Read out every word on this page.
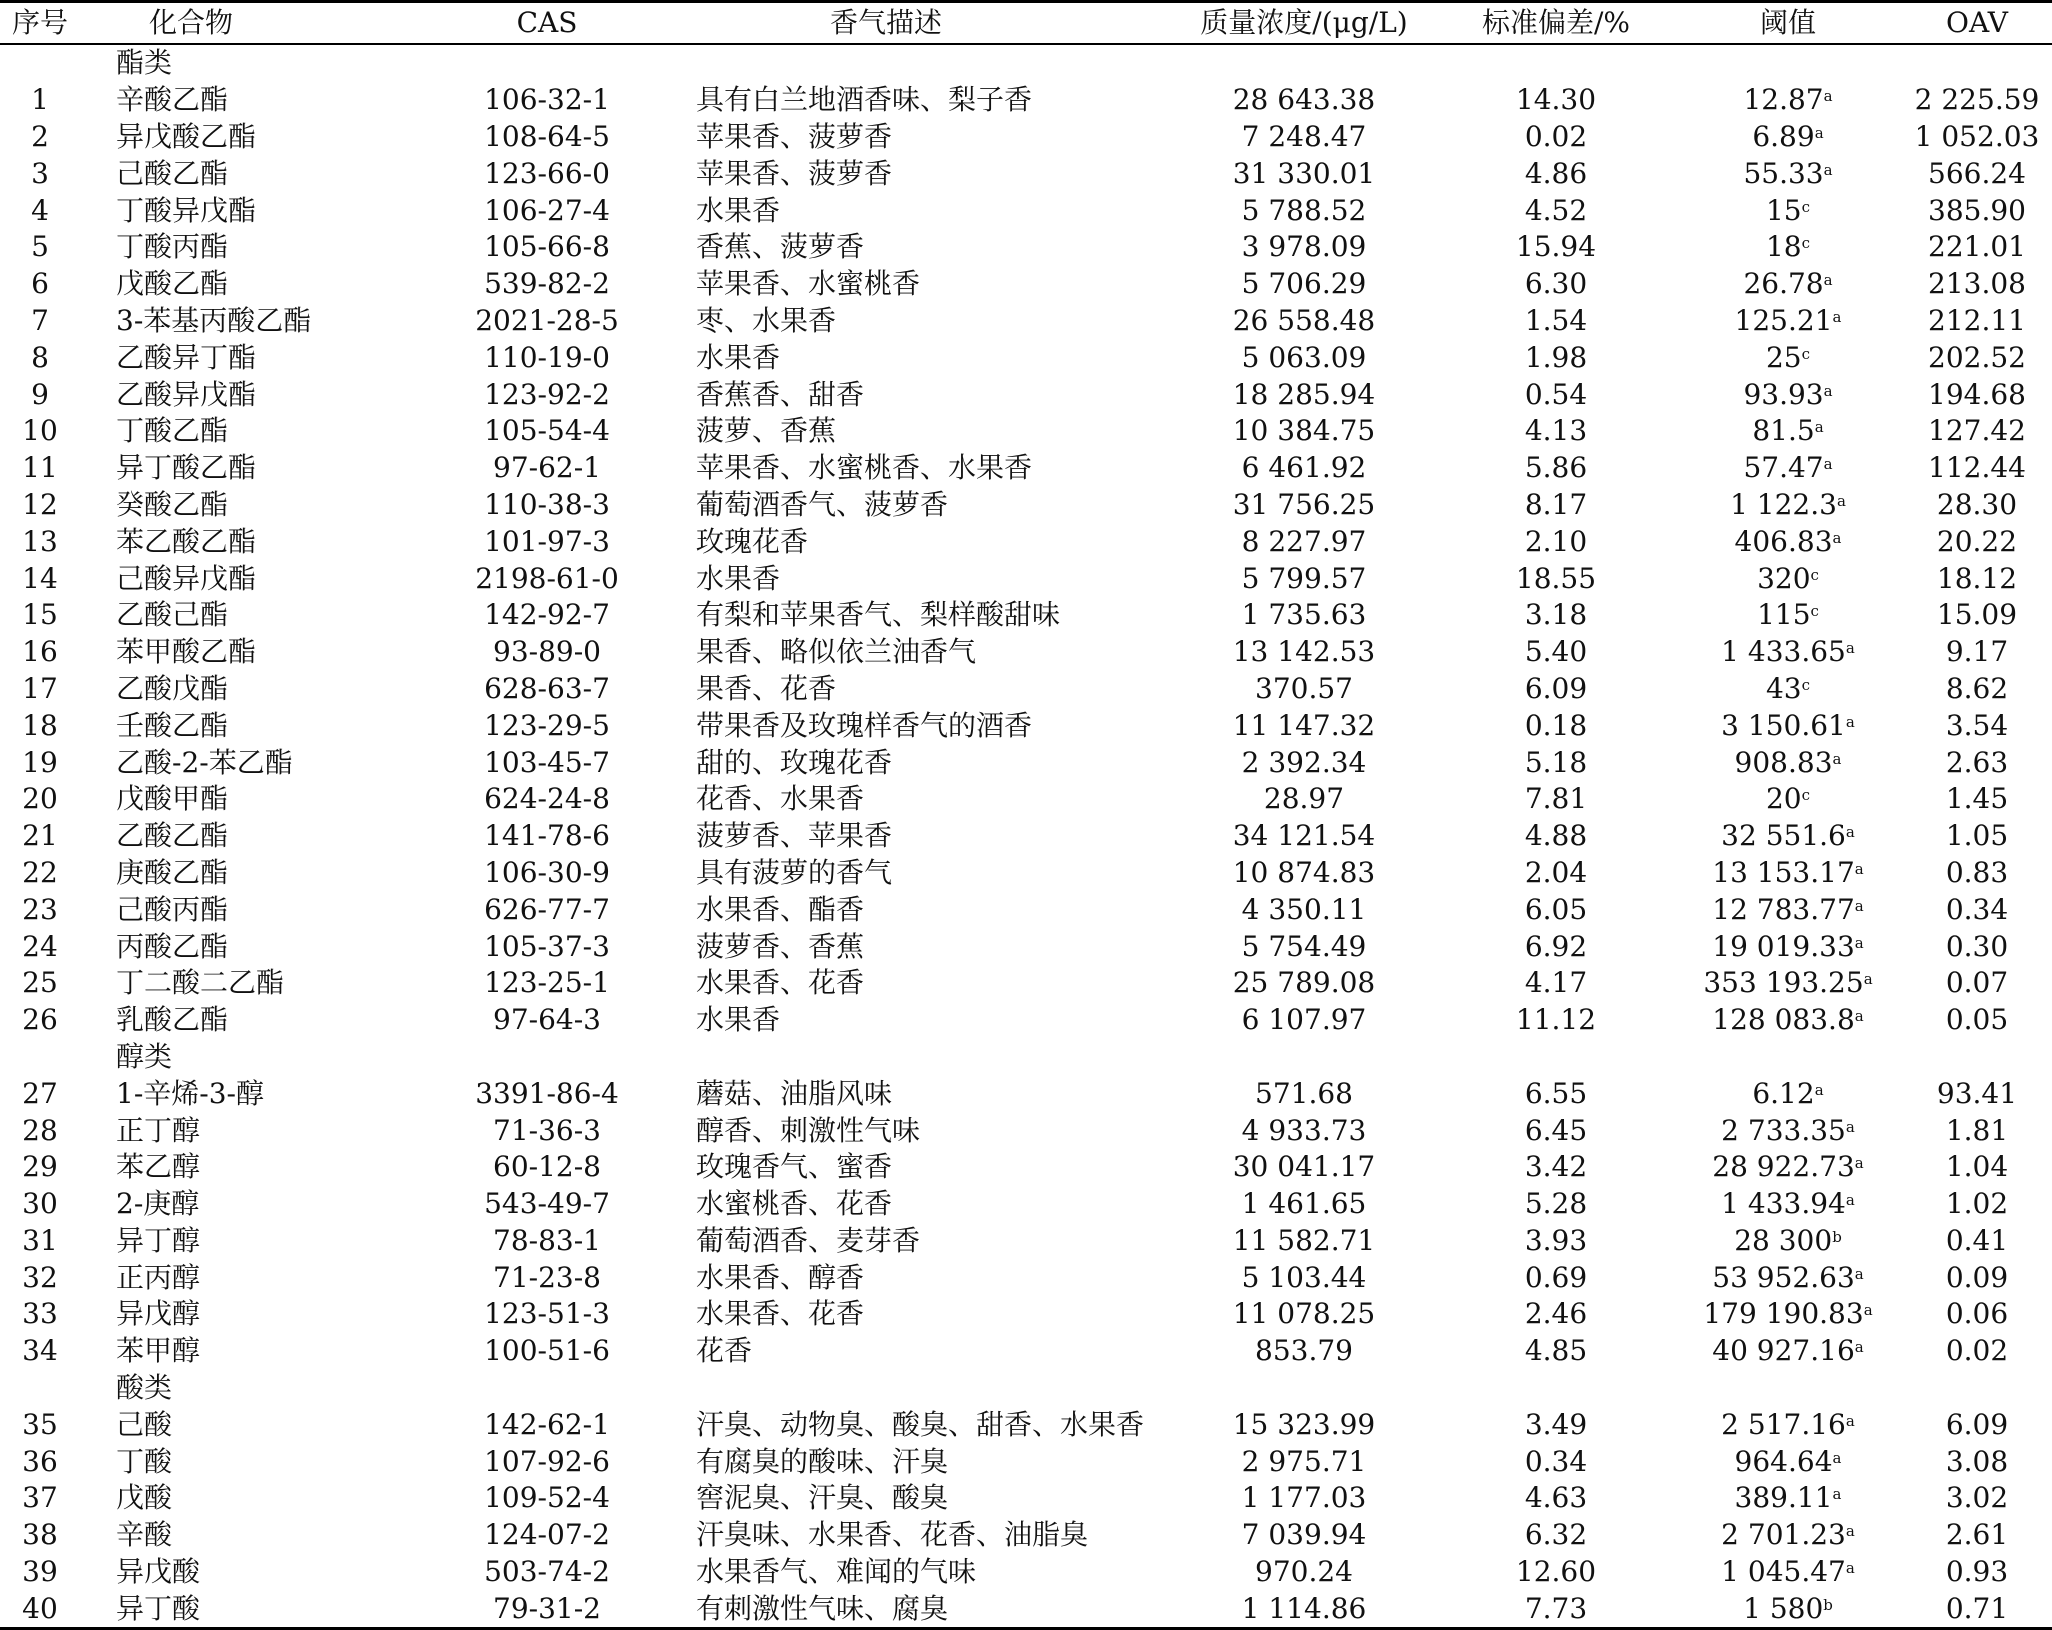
序号	化合物	CAS	香气描述	质量浓度/(μg/L)	标准偏差/%	阈值	OAV
	酯类						
1	辛酸乙酯	106-32-1	具有白兰地酒香味、梨子香	28 643.38	14.30	12.87$^a$	2 225.59
2	异戊酸乙酯	108-64-5	苹果香、菠萝香	7 248.47	0.02	6.89$^a$	1 052.03
3	己酸乙酯	123-66-0	苹果香、菠萝香	31 330.01	4.86	55.33$^a$	566.24
4	丁酸异戊酯	106-27-4	水果香	5 788.52	4.52	15$^c$	385.90
5	丁酸丙酯	105-66-8	香蕉、菠萝香	3 978.09	15.94	18$^c$	221.01
6	戊酸乙酯	539-82-2	苹果香、水蜜桃香	5 706.29	6.30	26.78$^a$	213.08
7	3-苯基丙酸乙酯	2021-28-5	枣、水果香	26 558.48	1.54	125.21$^a$	212.11
8	乙酸异丁酯	110-19-0	水果香	5 063.09	1.98	25$^c$	202.52
9	乙酸异戊酯	123-92-2	香蕉香、甜香	18 285.94	0.54	93.93$^a$	194.68
10	丁酸乙酯	105-54-4	菠萝、香蕉	10 384.75	4.13	81.5$^a$	127.42
11	异丁酸乙酯	97-62-1	苹果香、水蜜桃香、水果香	6 461.92	5.86	57.47$^a$	112.44
12	癸酸乙酯	110-38-3	葡萄酒香气、菠萝香	31 756.25	8.17	1 122.3$^a$	28.30
13	苯乙酸乙酯	101-97-3	玫瑰花香	8 227.97	2.10	406.83$^a$	20.22
14	己酸异戊酯	2198-61-0	水果香	5 799.57	18.55	320$^c$	18.12
15	乙酸己酯	142-92-7	有梨和苹果香气、梨样酸甜味	1 735.63	3.18	115$^c$	15.09
16	苯甲酸乙酯	93-89-0	果香、略似依兰油香气	13 142.53	5.40	1 433.65$^a$	9.17
17	乙酸戊酯	628-63-7	果香、花香	370.57	6.09	43$^c$	8.62
18	壬酸乙酯	123-29-5	带果香及玫瑰样香气的酒香	11 147.32	0.18	3 150.61$^a$	3.54
19	乙酸-2-苯乙酯	103-45-7	甜的、玫瑰花香	2 392.34	5.18	908.83$^a$	2.63
20	戊酸甲酯	624-24-8	花香、水果香	28.97	7.81	20$^c$	1.45
21	乙酸乙酯	141-78-6	菠萝香、苹果香	34 121.54	4.88	32 551.6$^a$	1.05
22	庚酸乙酯	106-30-9	具有菠萝的香气	10 874.83	2.04	13 153.17$^a$	0.83
23	己酸丙酯	626-77-7	水果香、酯香	4 350.11	6.05	12 783.77$^a$	0.34
24	丙酸乙酯	105-37-3	菠萝香、香蕉	5 754.49	6.92	19 019.33$^a$	0.30
25	丁二酸二乙酯	123-25-1	水果香、花香	25 789.08	4.17	353 193.25$^a$	0.07
26	乳酸乙酯	97-64-3	水果香	6 107.97	11.12	128 083.8$^a$	0.05
	醇类						
27	1-辛烯-3-醇	3391-86-4	蘑菇、油脂风味	571.68	6.55	6.12$^a$	93.41
28	正丁醇	71-36-3	醇香、刺激性气味	4 933.73	6.45	2 733.35$^a$	1.81
29	苯乙醇	60-12-8	玫瑰香气、蜜香	30 041.17	3.42	28 922.73$^a$	1.04
30	2-庚醇	543-49-7	水蜜桃香、花香	1 461.65	5.28	1 433.94$^a$	1.02
31	异丁醇	78-83-1	葡萄酒香、麦芽香	11 582.71	3.93	28 300$^b$	0.41
32	正丙醇	71-23-8	水果香、醇香	5 103.44	0.69	53 952.63$^a$	0.09
33	异戊醇	123-51-3	水果香、花香	11 078.25	2.46	179 190.83$^a$	0.06
34	苯甲醇	100-51-6	花香	853.79	4.85	40 927.16$^a$	0.02
	酸类						
35	己酸	142-62-1	汗臭、动物臭、酸臭、甜香、水果香	15 323.99	3.49	2 517.16$^a$	6.09
36	丁酸	107-92-6	有腐臭的酸味、汗臭	2 975.71	0.34	964.64$^a$	3.08
37	戊酸	109-52-4	窖泥臭、汗臭、酸臭	1 177.03	4.63	389.11$^a$	3.02
38	辛酸	124-07-2	汗臭味、水果香、花香、油脂臭	7 039.94	6.32	2 701.23$^a$	2.61
39	异戊酸	503-74-2	水果香气、难闻的气味	970.24	12.60	1 045.47$^a$	0.93
40	异丁酸	79-31-2	有刺激性气味、腐臭	1 114.86	7.73	1 580$^b$	0.71
